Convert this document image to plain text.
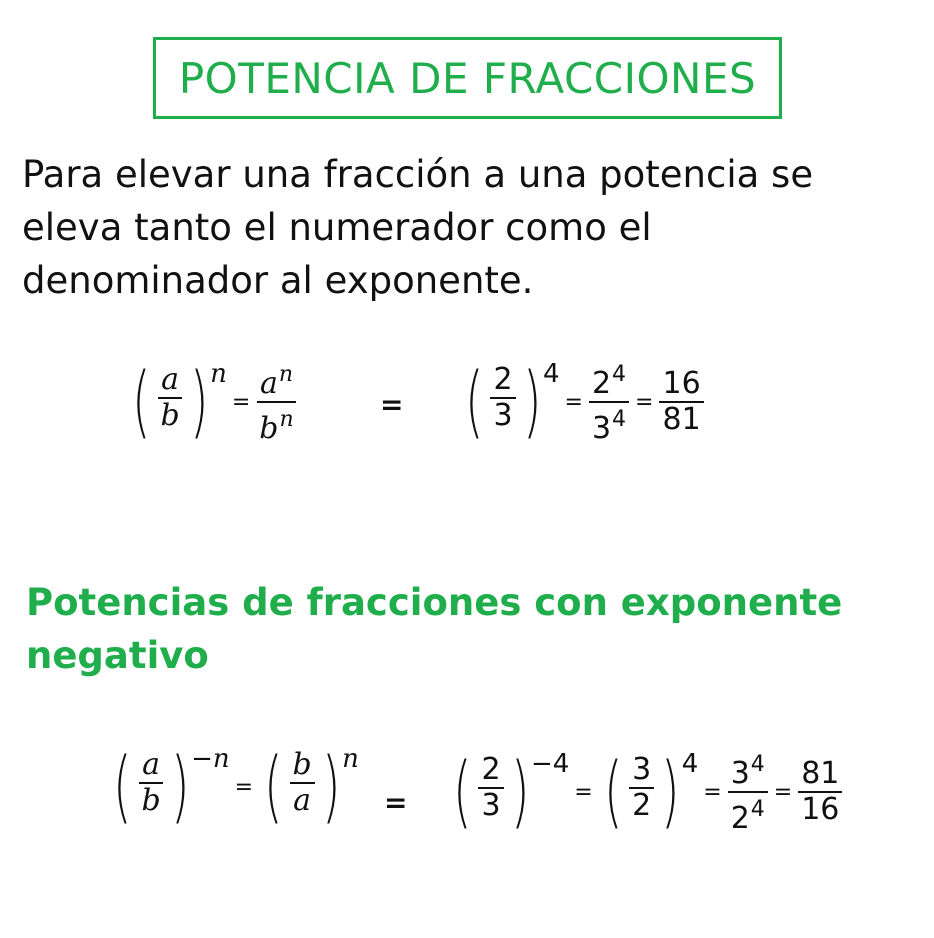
POTENCIA DE FRACCIONES
Para elevar una fracción a una potencia se
eleva tanto el numerador como el
denominador al exponente.
( $\frac{a}{b}$ ) n
= $\frac{a^n}{b^n}$	= ( $\frac{2}{3}$ ) 4
= $\frac{2^4}{3^4} = \frac{16}{81}$
Potencias de fracciones con exponente
negativo
( $\frac{a}{b}$ ) −n
= ( $\frac{b}{a}$ ) n
= ( $\frac{2}{3}$ ) −4
= ( $\frac{3}{2}$ ) 4
= $\frac{3^4}{2^4} = \frac{81}{16}$
